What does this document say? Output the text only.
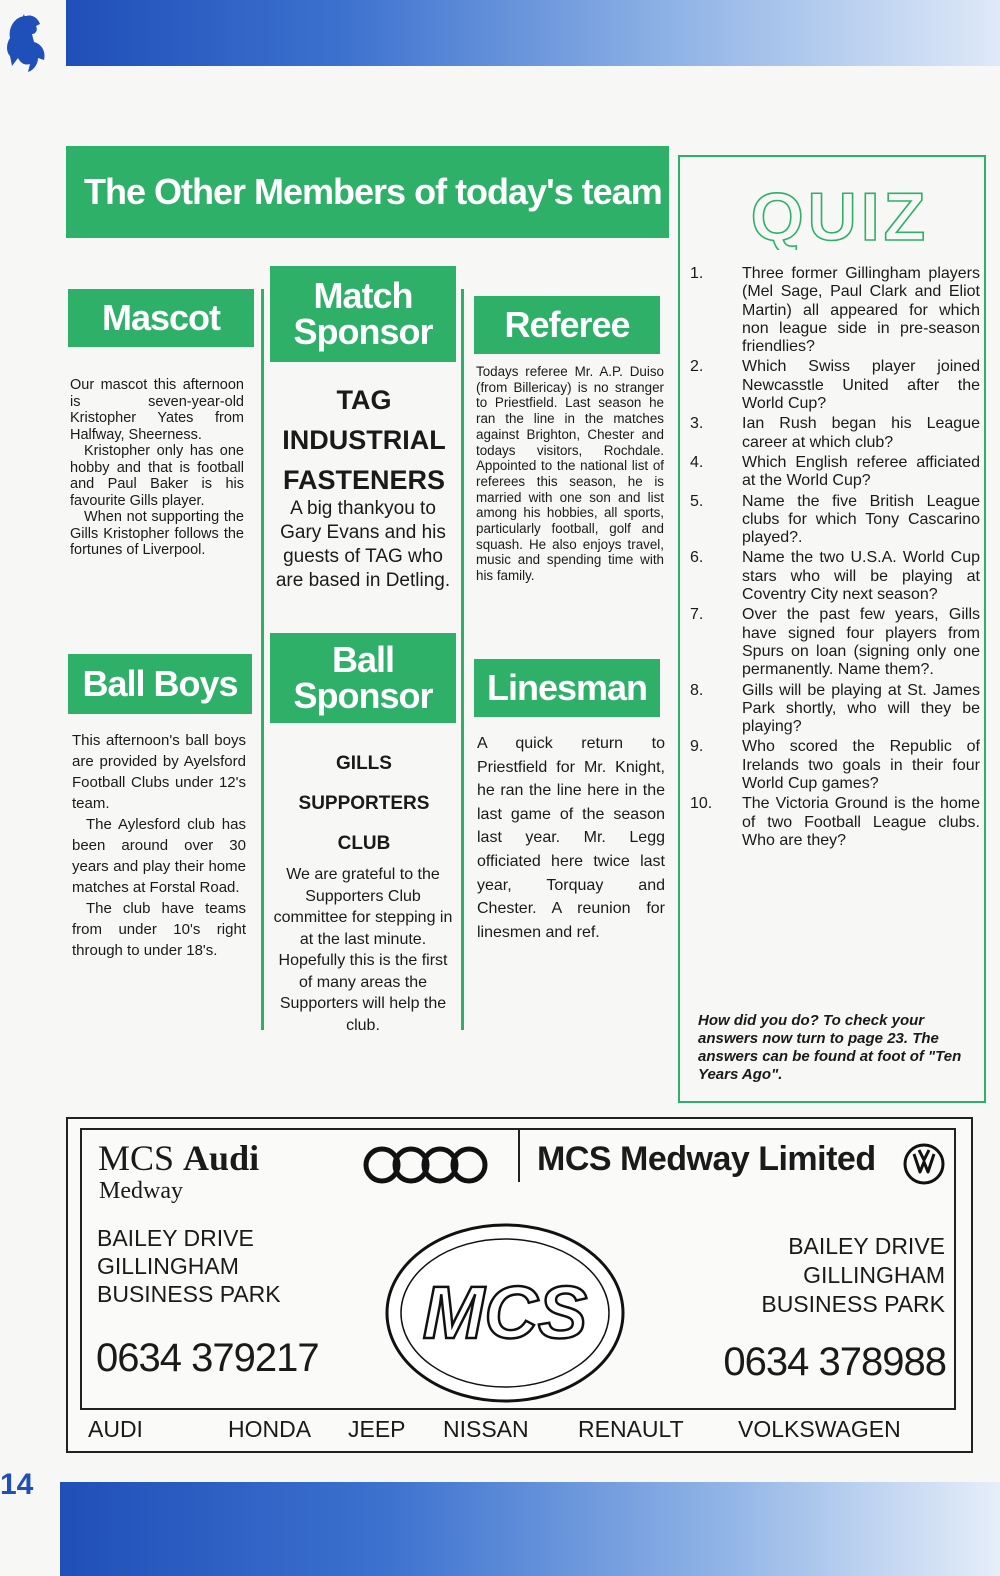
The Other Members of today's team
Mascot

Our mascot this afternoon is seven-year-old Kristopher Yates from Halfway, Sheerness.

Kristopher only has one hobby and that is football and Paul Baker is his favourite Gills player.

When not supporting the Gills Kristopher follows the fortunes of Liverpool.

Ball Boys

This afternoon's ball boys are provided by Ayelsford Football Clubs under 12's team.

The Aylesford club has been around over 30 years and play their home matches at Forstal Road.

The club have teams from under 10's right through to under 18's.

Match
Sponsor
TAG
INDUSTRIAL
FASTENERS
A big thankyou to Gary Evans and his guests of TAG who are based in Detling.
Ball
Sponsor
GILLS
SUPPORTERS
CLUB
We are grateful to the Supporters Club committee for stepping in at the last minute. Hopefully this is the first of many areas the Supporters will help the club.
Referee
Todays referee Mr. A.P. Duiso (from Billericay) is no stranger to Priestfield. Last season he ran the line in the matches against Brighton, Chester and todays visitors, Rochdale. Appointed to the national list of referees this season, he is married with one son and list among his hobbies, all sports, particularly football, golf and squash. He also enjoys travel, music and spending time with his family.
Linesman
A quick return to Priestfield for Mr. Knight, he ran the line here in the last game of the season last year. Mr. Legg officiated here twice last year, Torquay and Chester. A reunion for linesmen and ref.
QUIZ
1.	Three former Gillingham players (Mel Sage, Paul Clark and Eliot Martin) all appeared for which non league side in pre-season friendlies?
2.	Which Swiss player joined Newcasstle United after the World Cup?
3.	Ian Rush began his League career at which club?
4.	Which English referee afficiated at the World Cup?
5.	Name the five British League clubs for which Tony Cascarino played?.
6.	Name the two U.S.A. World Cup stars who will be playing at Coventry City next season?
7.	Over the past few years, Gills have signed four players from Spurs on loan (signing only one permanently. Name them?.
8.	Gills will be playing at St. James Park shortly, who will they be playing?
9.	Who scored the Republic of Irelands two goals in their four World Cup games?
10.	The Victoria Ground is the home of two Football League clubs. Who are they?
How did you do? To check your answers now turn to page 23. The answers can be found at foot of "Ten Years Ago".
MCS Audi
Medway
BAILEY DRIVE
GILLINGHAM
BUSINESS PARK
0634 379217
MCS Medway Limited
BAILEY DRIVE
GILLINGHAM
BUSINESS PARK
0634 378988
MCS
AUDI	HONDA JEEP NISSAN RENAULT VOLKSWAGEN
14
